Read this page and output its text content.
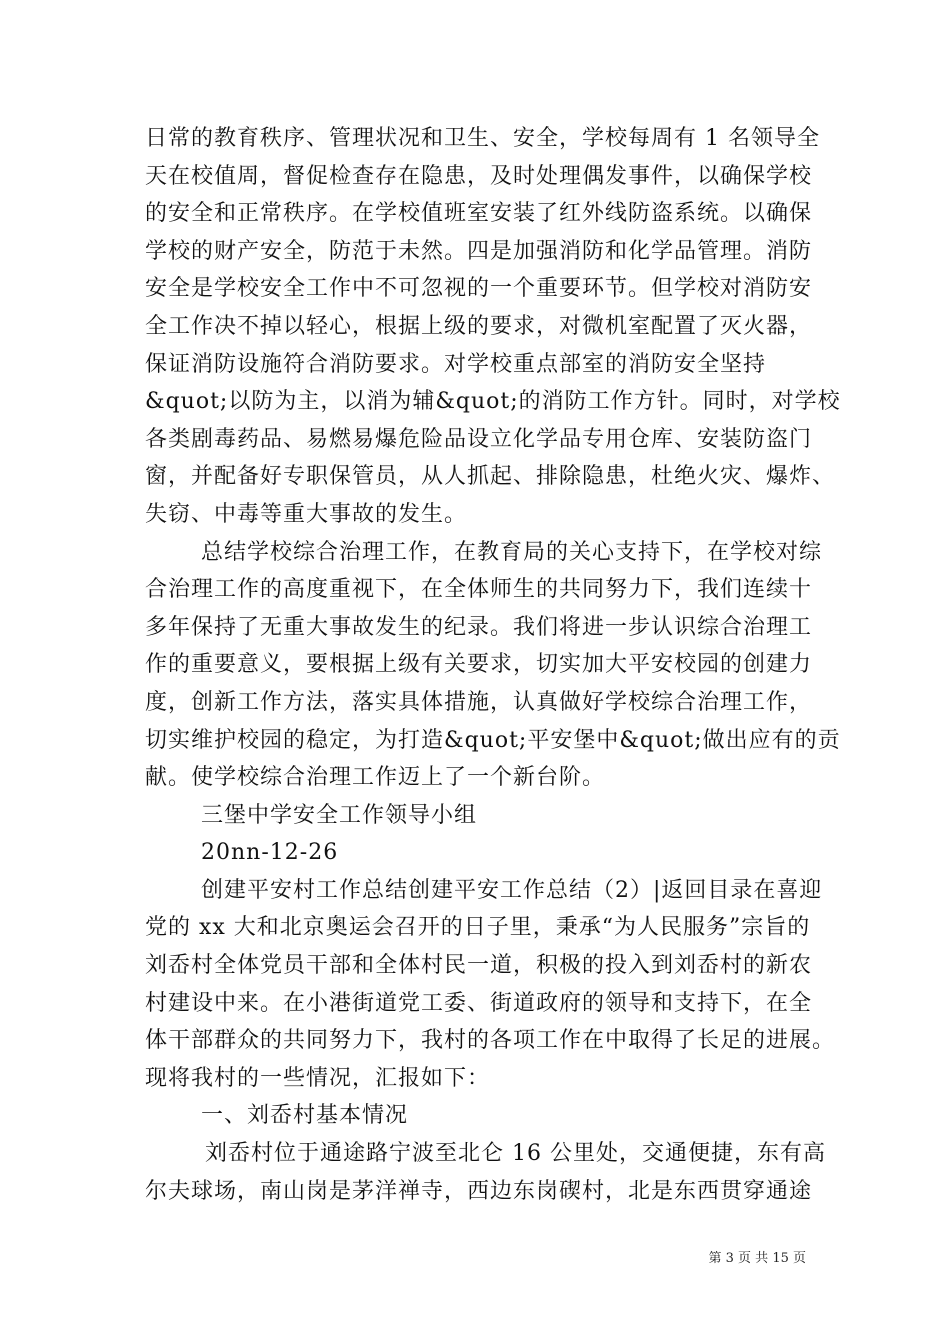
日常的教育秩序、管理状况和卫生、安全，学校每周有 1 名领导全
天在校值周，督促检查存在隐患，及时处理偶发事件，以确保学校
的安全和正常秩序。在学校值班室安装了红外线防盗系统。以确保
学校的财产安全，防范于未然。四是加强消防和化学品管理。消防
安全是学校安全工作中不可忽视的一个重要环节。但学校对消防安
全工作决不掉以轻心，根据上级的要求，对微机室配置了灭火器，
保证消防设施符合消防要求。对学校重点部室的消防安全坚持
&quot;以防为主，以消为辅&quot;的消防工作方针。同时，对学校
各类剧毒药品、易燃易爆危险品设立化学品专用仓库、安装防盗门
窗，并配备好专职保管员，从人抓起、排除隐患，杜绝火灾、爆炸、
失窃、中毒等重大事故的发生。
总结学校综合治理工作，在教育局的关心支持下，在学校对综
合治理工作的高度重视下，在全体师生的共同努力下，我们连续十
多年保持了无重大事故发生的纪录。我们将进一步认识综合治理工
作的重要意义，要根据上级有关要求，切实加大平安校园的创建力
度，创新工作方法，落实具体措施，认真做好学校综合治理工作，
切实维护校园的稳定，为打造&quot;平安堡中&quot;做出应有的贡
献。使学校综合治理工作迈上了一个新台阶。
三堡中学安全工作领导小组
20nn-12-26
创建平安村工作总结创建平安工作总结（2）|返回目录在喜迎
党的 xx 大和北京奥运会召开的日子里，秉承“为人民服务”宗旨的
刘岙村全体党员干部和全体村民一道，积极的投入到刘岙村的新农
村建设中来。在小港街道党工委、街道政府的领导和支持下，在全
体干部群众的共同努力下，我村的各项工作在中取得了长足的进展。
现将我村的一些情况，汇报如下：
一、刘岙村基本情况
刘岙村位于通途路宁波至北仑 16 公里处，交通便捷，东有高
尔夫球场，南山岗是茅洋禅寺，西边东岗碶村，北是东西贯穿通途
第 3 页 共 15 页
